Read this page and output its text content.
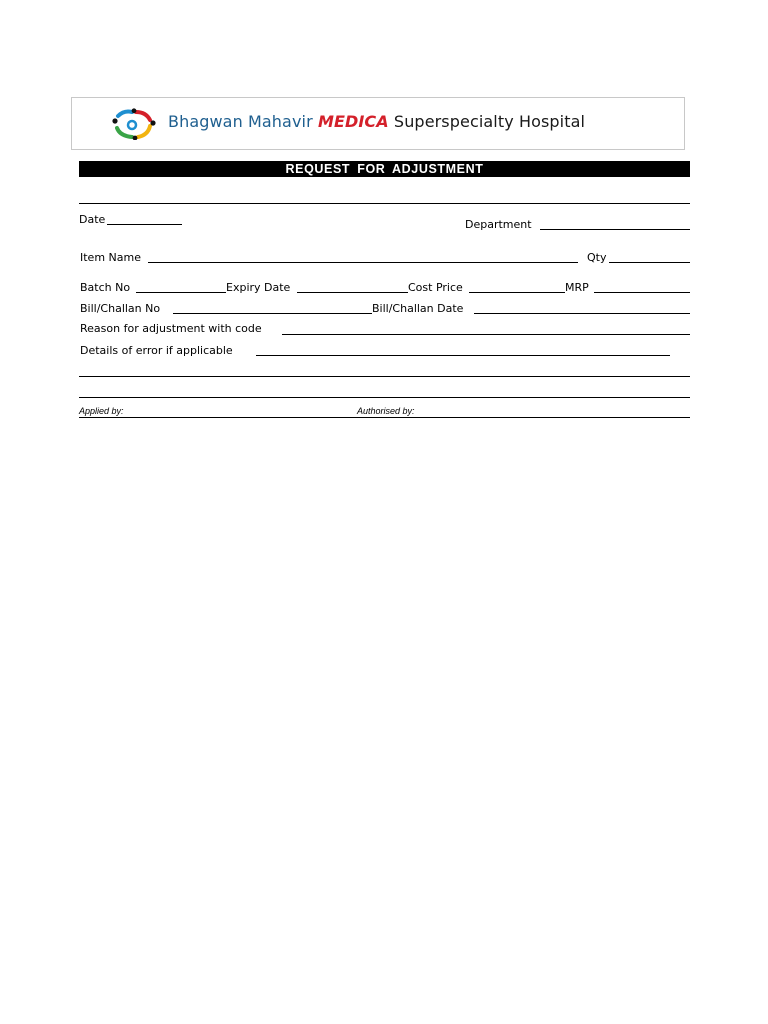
Bhagwan Mahavir MEDICA Superspecialty Hospital
REQUEST FOR ADJUSTMENT
Date	Department
Item Name	Qty
Batch No	Expiry Date	Cost Price	MRP
Bill/Challan No	Bill/Challan Date
Reason for adjustment with code
Details of error if applicable
Applied by:	Authorised by:
